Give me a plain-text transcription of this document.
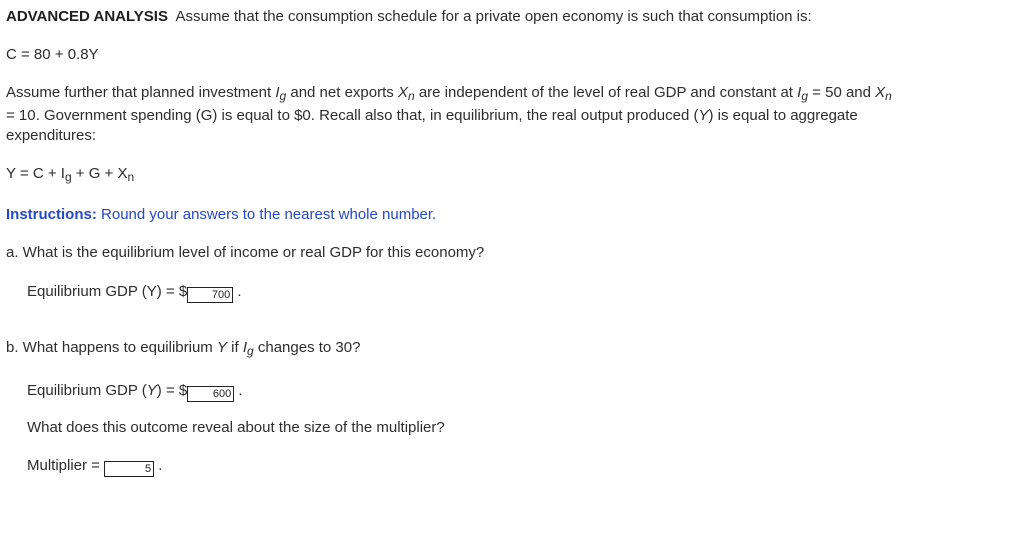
ADVANCED ANALYSIS Assume that the consumption schedule for a private open economy is such that consumption is:
C = 80 + 0.8Y
Assume further that planned investment $I_g$ and net exports $X_n$ are independent of the level of real GDP and constant at $I_g = 50$ and $X_n$
= 10. Government spending (G) is equal to $0. Recall also that, in equilibrium, the real output produced (Y) is equal to aggregate
expenditures:
$Y = C + I_g + G + X_n$
Instructions: Round your answers to the nearest whole number.
a. What is the equilibrium level of income or real GDP for this economy?
Equilibrium GDP (Y) = $ 700 .
b. What happens to equilibrium Y if $I_g$ changes to 30?
Equilibrium GDP (Y) = $ 600 .
What does this outcome reveal about the size of the multiplier?
Multiplier =	5 .
